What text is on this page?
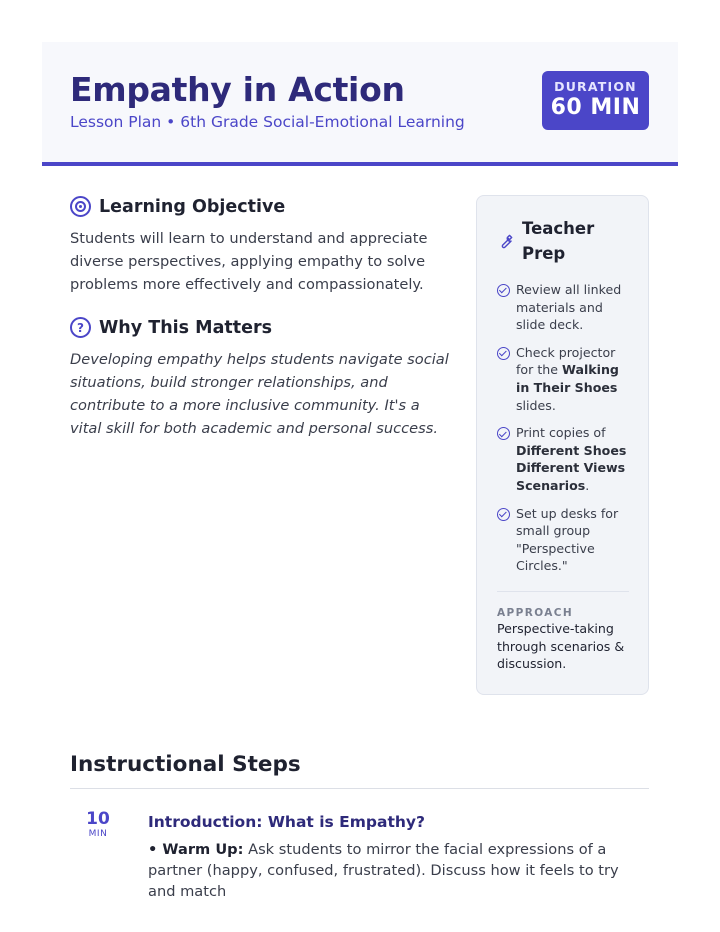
Empathy in Action
Lesson Plan • 6th Grade Social-Emotional Learning
DURATION
60 MIN
Learning Objective

Students will learn to understand and appreciate diverse perspectives, applying empathy to solve problems more effectively and compassionately.

? Why This Matters

Developing empathy helps students navigate social situations, build stronger relationships, and contribute to a more inclusive community. It's a vital skill for both academic and personal success.

Teacher Prep
Review all linked materials and slide deck.
Check projector for the Walking in Their Shoes slides.
Print copies of Different Shoes Different Views Scenarios.
Set up desks for small group "Perspective Circles."
APPROACH
Perspective-taking through scenarios & discussion.
Instructional Steps
10
MIN
Introduction: What is Empathy?

• Warm Up: Ask students to mirror the facial expressions of a partner (happy, confused, frustrated). Discuss how it feels to try and match
